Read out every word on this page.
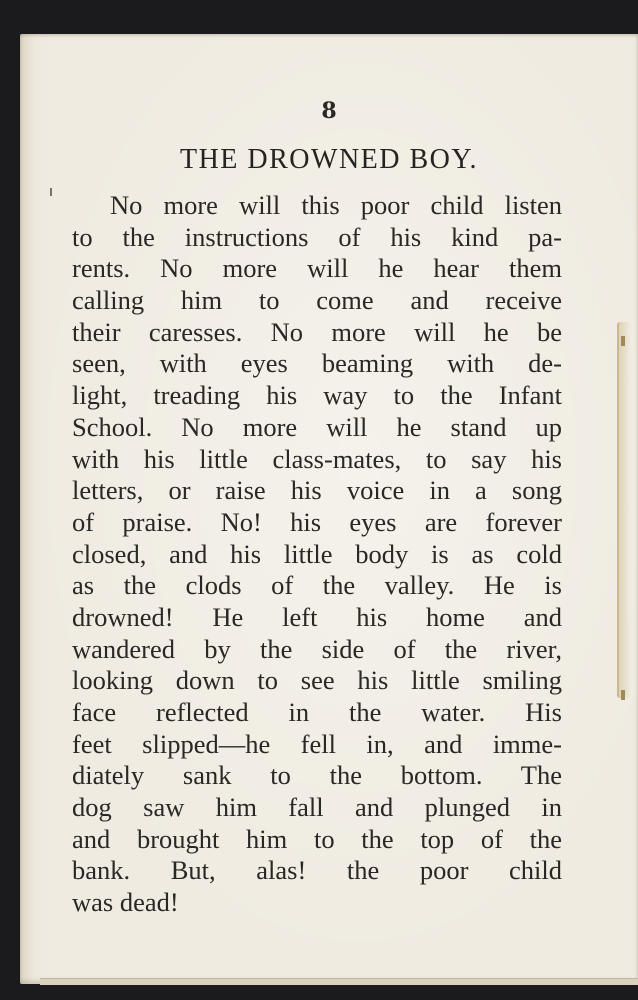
8
THE DROWNED BOY.
No more will this poor child listen
to the instructions of his kind pa-
rents. No more will he hear them
calling him to come and receive
their caresses. No more will he be
seen, with eyes beaming with de-
light, treading his way to the Infant
School. No more will he stand up
with his little class-mates, to say his
letters, or raise his voice in a song
of praise. No! his eyes are forever
closed, and his little body is as cold
as the clods of the valley. He is
drowned! He left his home and
wandered by the side of the river,
looking down to see his little smiling
face reflected in the water. His
feet slipped—he fell in, and imme-
diately sank to the bottom. The
dog saw him fall and plunged in
and brought him to the top of the
bank. But, alas! the poor child
was dead!
